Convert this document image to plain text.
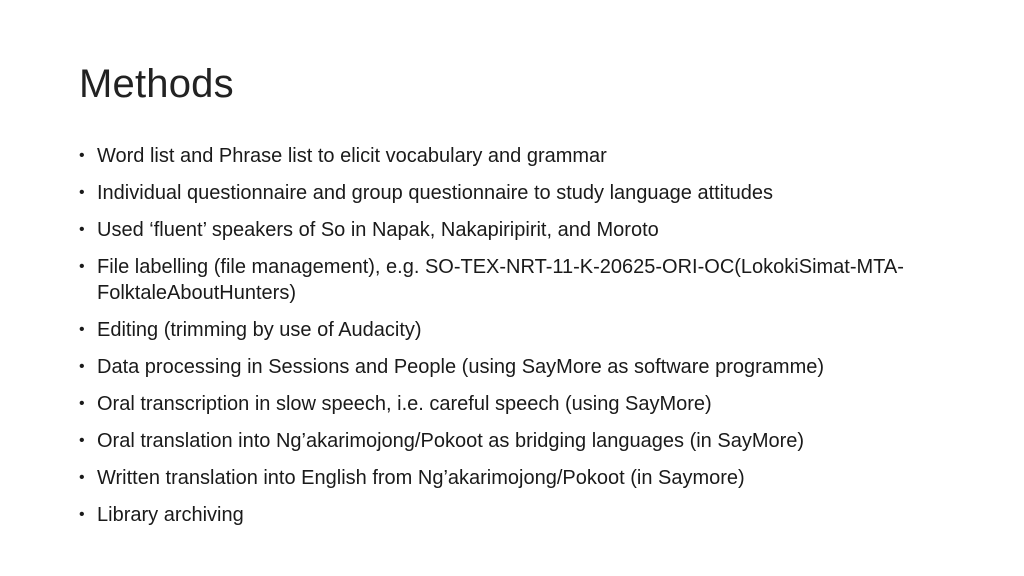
Methods
• Word list and Phrase list to elicit vocabulary and grammar
• Individual questionnaire and group questionnaire to study language attitudes
• Used ‘fluent’ speakers of So in Napak, Nakapiripirit, and Moroto
• File labelling (file management), e.g. SO-TEX-NRT-11-K-20625-ORI-OC(LokokiSimat-MTA-FolktaleAboutHunters)
• Editing (trimming by use of Audacity)
• Data processing in Sessions and People (using SayMore as software programme)
• Oral transcription in slow speech, i.e. careful speech (using SayMore)
• Oral translation into Ng’akarimojong/Pokoot as bridging languages (in SayMore)
• Written translation into English from Ng’akarimojong/Pokoot (in Saymore)
• Library archiving
